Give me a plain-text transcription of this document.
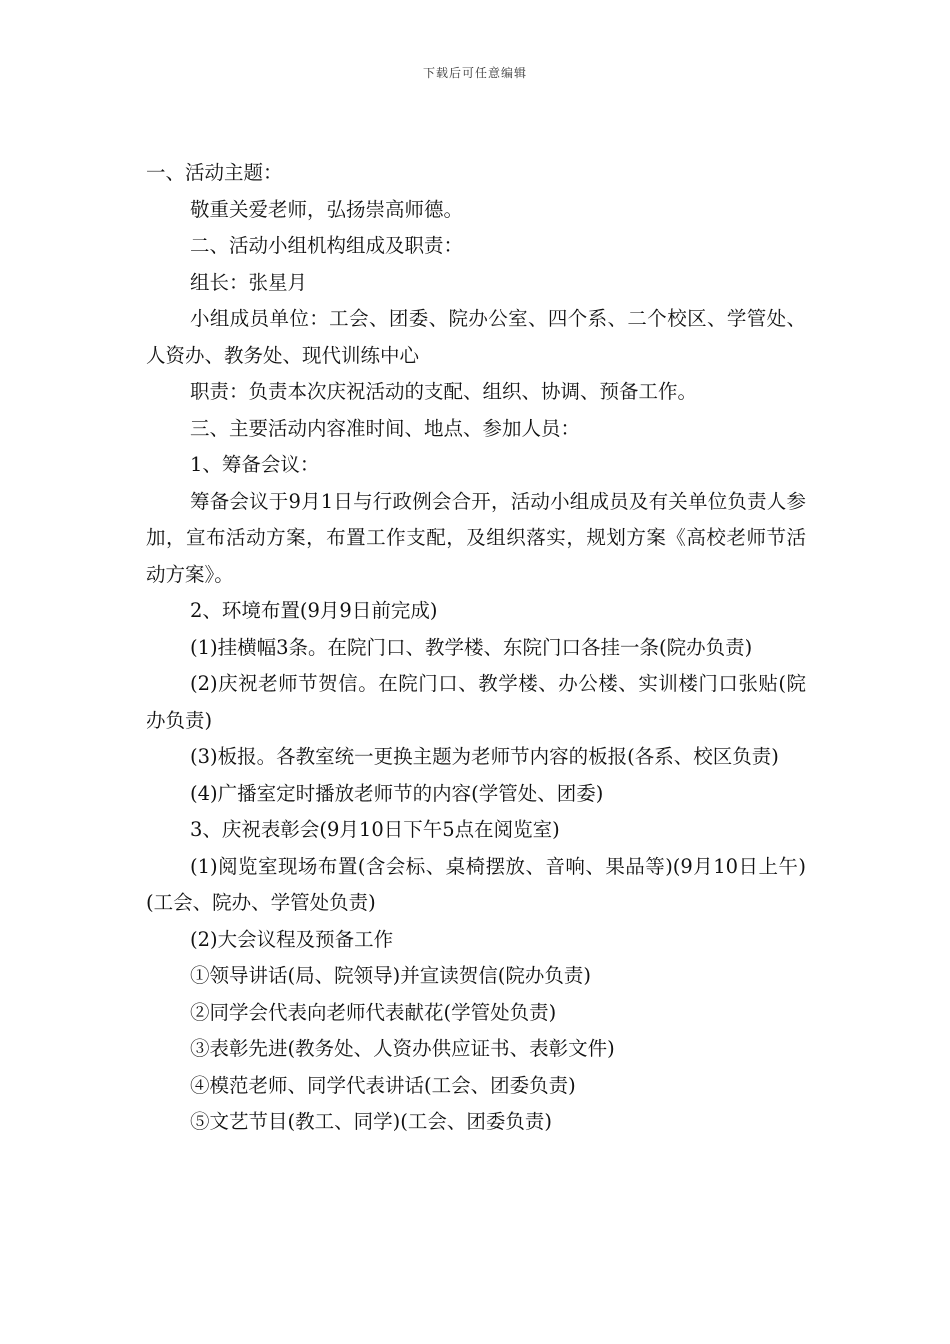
下载后可任意编辑

一、活动主题：

敬重关爱老师，弘扬崇高师德。

二、活动小组机构组成及职责：

组长：张星月

小组成员单位：工会、团委、院办公室、四个系、二个校区、学管处、人资办、教务处、现代训练中心

职责：负责本次庆祝活动的支配、组织、协调、预备工作。

三、主要活动内容准时间、地点、参加人员：

1、筹备会议：

筹备会议于9月1日与行政例会合开，活动小组成员及有关单位负责人参加，宣布活动方案，布置工作支配，及组织落实，规划方案《高校老师节活动方案》。

2、环境布置(9月9日前完成)

(1)挂横幅3条。在院门口、教学楼、东院门口各挂一条(院办负责)

(2)庆祝老师节贺信。在院门口、教学楼、办公楼、实训楼门口张贴(院办负责)

(3)板报。各教室统一更换主题为老师节内容的板报(各系、校区负责)

(4)广播室定时播放老师节的内容(学管处、团委)

3、庆祝表彰会(9月10日下午5点在阅览室)

(1)阅览室现场布置(含会标、桌椅摆放、音响、果品等)(9月10日上午)(工会、院办、学管处负责)

(2)大会议程及预备工作

①领导讲话(局、院领导)并宣读贺信(院办负责)

②同学会代表向老师代表献花(学管处负责)

③表彰先进(教务处、人资办供应证书、表彰文件)

④模范老师、同学代表讲话(工会、团委负责)

⑤文艺节目(教工、同学)(工会、团委负责)
